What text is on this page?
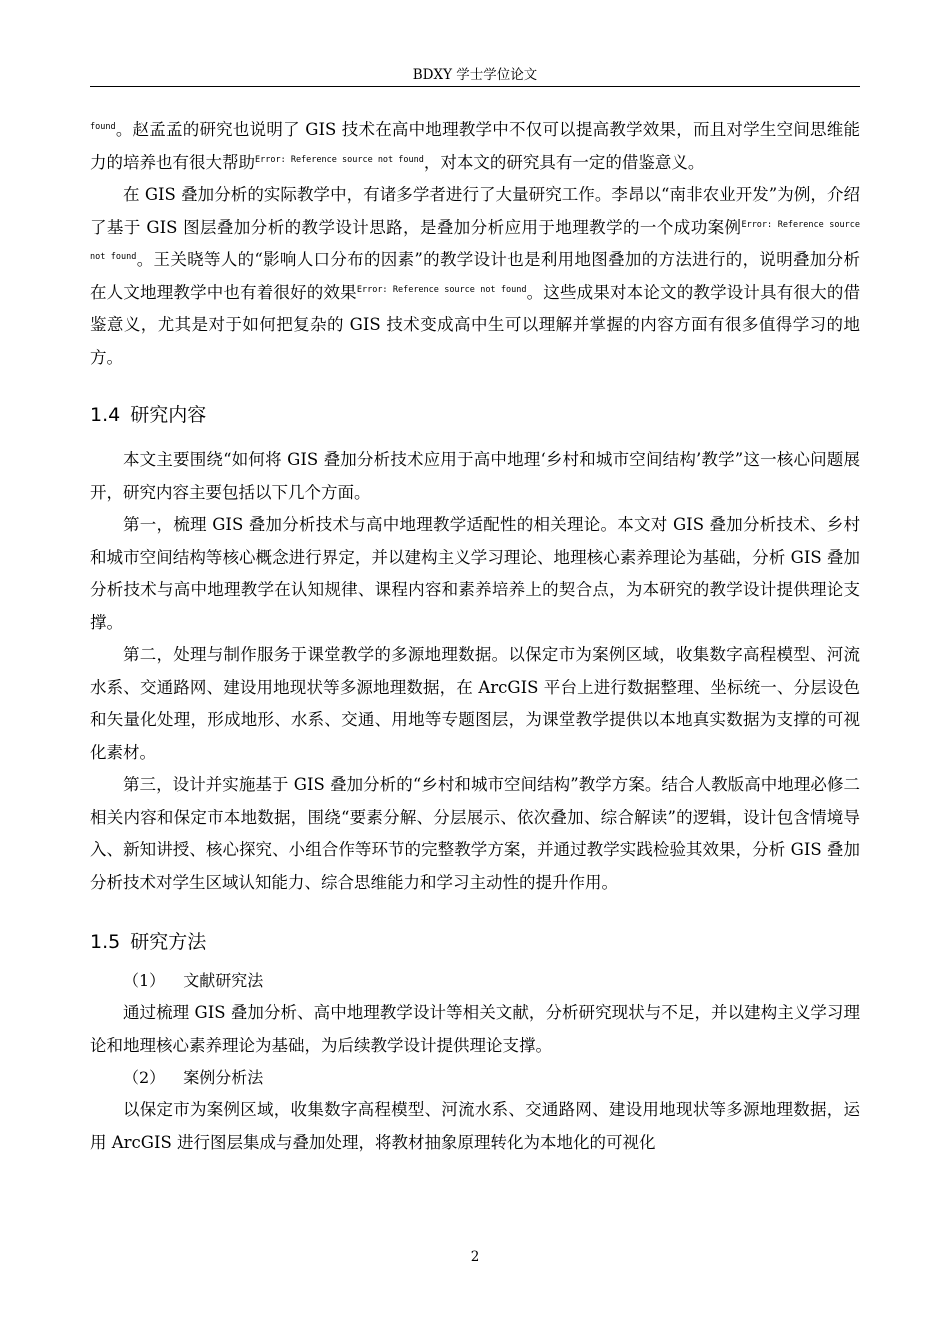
BDXY 学士学位论文

$^{found}$。赵孟孟的研究也说明了 GIS 技术在高中地理教学中不仅可以提高教学效果，而且对学生空间思维能力的培养也有很大帮助$^{Error: Reference source not found}$，对本文的研究具有一定的借鉴意义。

在 GIS 叠加分析的实际教学中，有诸多学者进行了大量研究工作。李昂以“南非农业开发”为例，介绍了基于 GIS 图层叠加分析的教学设计思路，是叠加分析应用于地理教学的一个成功案例$^{Error: Reference source not found}$。王关晓等人的“影响人口分布的因素”的教学设计也是利用地图叠加的方法进行的，说明叠加分析在人文地理教学中也有着很好的效果$^{Error: Reference source not found}$。这些成果对本论文的教学设计具有很大的借鉴意义，尤其是对于如何把复杂的 GIS 技术变成高中生可以理解并掌握的内容方面有很多值得学习的地方。

1.4 研究内容

本文主要围绕“如何将 GIS 叠加分析技术应用于高中地理‘乡村和城市空间结构’教学”这一核心问题展开，研究内容主要包括以下几个方面。

第一，梳理 GIS 叠加分析技术与高中地理教学适配性的相关理论。本文对 GIS 叠加分析技术、乡村和城市空间结构等核心概念进行界定，并以建构主义学习理论、地理核心素养理论为基础，分析 GIS 叠加分析技术与高中地理教学在认知规律、课程内容和素养培养上的契合点，为本研究的教学设计提供理论支撑。

第二，处理与制作服务于课堂教学的多源地理数据。以保定市为案例区域，收集数字高程模型、河流水系、交通路网、建设用地现状等多源地理数据，在 ArcGIS 平台上进行数据整理、坐标统一、分层设色和矢量化处理，形成地形、水系、交通、用地等专题图层，为课堂教学提供以本地真实数据为支撑的可视化素材。

第三，设计并实施基于 GIS 叠加分析的“乡村和城市空间结构”教学方案。结合人教版高中地理必修二相关内容和保定市本地数据，围绕“要素分解、分层展示、依次叠加、综合解读”的逻辑，设计包含情境导入、新知讲授、核心探究、小组合作等环节的完整教学方案，并通过教学实践检验其效果，分析 GIS 叠加分析技术对学生区域认知能力、综合思维能力和学习主动性的提升作用。

1.5 研究方法

（1） 文献研究法

通过梳理 GIS 叠加分析、高中地理教学设计等相关文献，分析研究现状与不足，并以建构主义学习理论和地理核心素养理论为基础，为后续教学设计提供理论支撑。

（2） 案例分析法

以保定市为案例区域，收集数字高程模型、河流水系、交通路网、建设用地现状等多源地理数据，运用 ArcGIS 进行图层集成与叠加处理，将教材抽象原理转化为本地化的可视化

2
